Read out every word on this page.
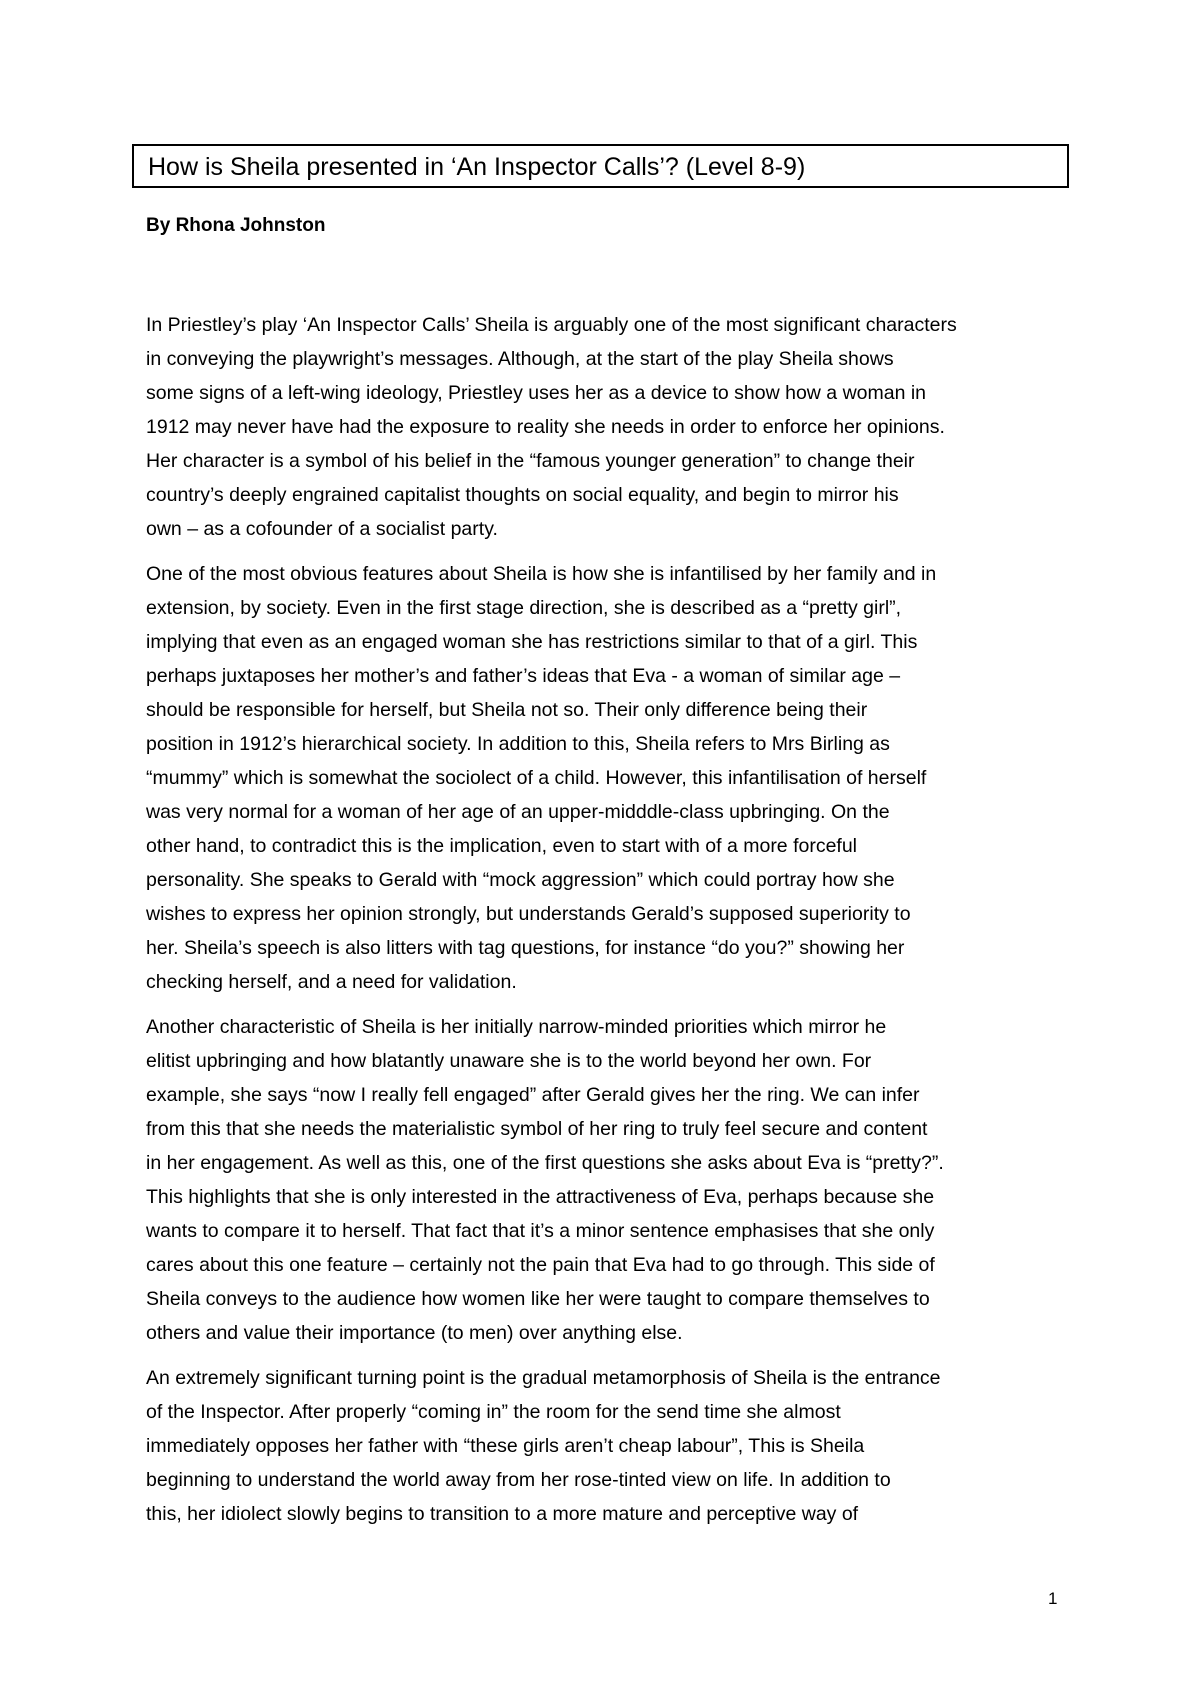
How is Sheila presented in ‘An Inspector Calls’? (Level 8-9)
By Rhona Johnston

In Priestley’s play ‘An Inspector Calls’ Sheila is arguably one of the most significant characters
in conveying the playwright’s messages. Although, at the start of the play Sheila shows
some signs of a left-wing ideology, Priestley uses her as a device to show how a woman in
1912 may never have had the exposure to reality she needs in order to enforce her opinions.
Her character is a symbol of his belief in the “famous younger generation” to change their
country’s deeply engrained capitalist thoughts on social equality, and begin to mirror his
own – as a cofounder of a socialist party.

One of the most obvious features about Sheila is how she is infantilised by her family and in
extension, by society. Even in the first stage direction, she is described as a “pretty girl”,
implying that even as an engaged woman she has restrictions similar to that of a girl. This
perhaps juxtaposes her mother’s and father’s ideas that Eva - a woman of similar age –
should be responsible for herself, but Sheila not so. Their only difference being their
position in 1912’s hierarchical society. In addition to this, Sheila refers to Mrs Birling as
“mummy” which is somewhat the sociolect of a child. However, this infantilisation of herself
was very normal for a woman of her age of an upper-midddle-class upbringing. On the
other hand, to contradict this is the implication, even to start with of a more forceful
personality. She speaks to Gerald with “mock aggression” which could portray how she
wishes to express her opinion strongly, but understands Gerald’s supposed superiority to
her. Sheila’s speech is also litters with tag questions, for instance “do you?” showing her
checking herself, and a need for validation.

Another characteristic of Sheila is her initially narrow-minded priorities which mirror he
elitist upbringing and how blatantly unaware she is to the world beyond her own. For
example, she says “now I really fell engaged” after Gerald gives her the ring. We can infer
from this that she needs the materialistic symbol of her ring to truly feel secure and content
in her engagement. As well as this, one of the first questions she asks about Eva is “pretty?”.
This highlights that she is only interested in the attractiveness of Eva, perhaps because she
wants to compare it to herself. That fact that it’s a minor sentence emphasises that she only
cares about this one feature – certainly not the pain that Eva had to go through. This side of
Sheila conveys to the audience how women like her were taught to compare themselves to
others and value their importance (to men) over anything else.

An extremely significant turning point is the gradual metamorphosis of Sheila is the entrance
of the Inspector. After properly “coming in” the room for the send time she almost
immediately opposes her father with “these girls aren’t cheap labour”, This is Sheila
beginning to understand the world away from her rose-tinted view on life. In addition to
this, her idiolect slowly begins to transition to a more mature and perceptive way of

1
